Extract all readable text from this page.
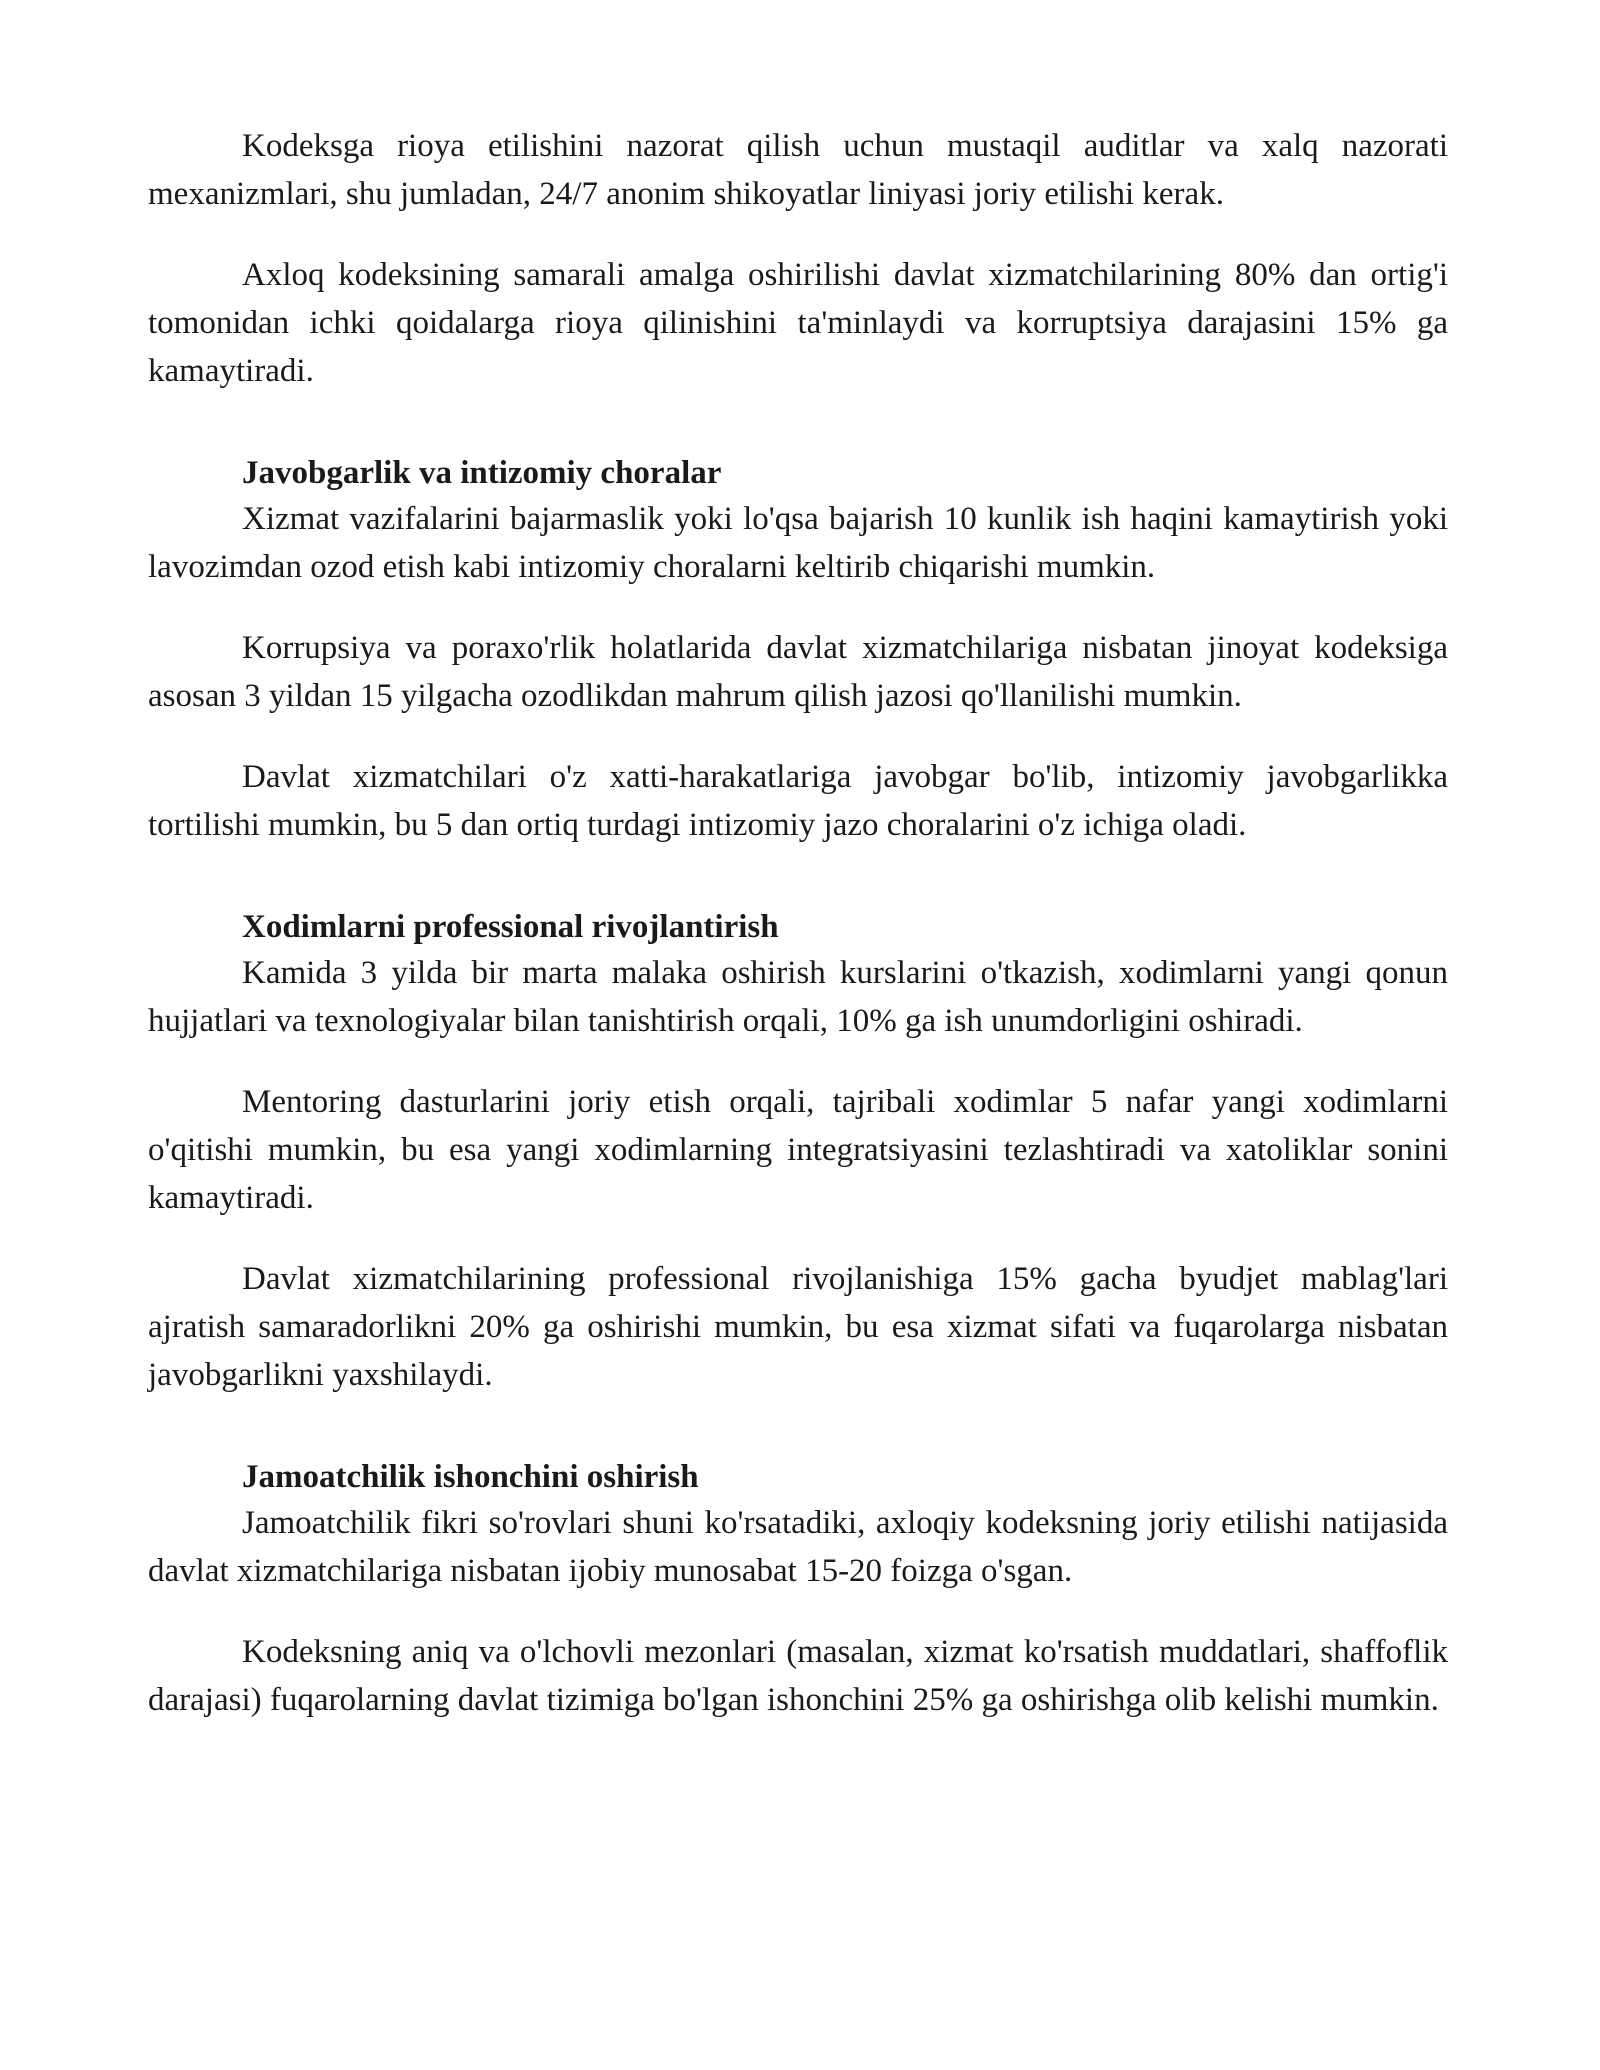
Kodeksga rioya etilishini nazorat qilish uchun mustaqil auditlar va xalq nazorati mexanizmlari, shu jumladan, 24/7 anonim shikoyatlar liniyasi joriy etilishi kerak.

Axloq kodeksining samarali amalga oshirilishi davlat xizmatchilarining 80% dan ortig'i tomonidan ichki qoidalarga rioya qilinishini ta'minlaydi va korruptsiya darajasini 15% ga kamaytiradi.

Javobgarlik va intizomiy choralar

Xizmat vazifalarini bajarmaslik yoki lo'qsa bajarish 10 kunlik ish haqini kamaytirish yoki lavozimdan ozod etish kabi intizomiy choralarni keltirib chiqarishi mumkin.

Korrupsiya va poraxo'rlik holatlarida davlat xizmatchilariga nisbatan jinoyat kodeksiga asosan 3 yildan 15 yilgacha ozodlikdan mahrum qilish jazosi qo'llanilishi mumkin.

Davlat xizmatchilari o'z xatti-harakatlariga javobgar bo'lib, intizomiy javobgarlikka tortilishi mumkin, bu 5 dan ortiq turdagi intizomiy jazo choralarini o'z ichiga oladi.

Xodimlarni professional rivojlantirish

Kamida 3 yilda bir marta malaka oshirish kurslarini o'tkazish, xodimlarni yangi qonun hujjatlari va texnologiyalar bilan tanishtirish orqali, 10% ga ish unumdorligini oshiradi.

Mentoring dasturlarini joriy etish orqali, tajribali xodimlar 5 nafar yangi xodimlarni o'qitishi mumkin, bu esa yangi xodimlarning integratsiyasini tezlashtiradi va xatoliklar sonini kamaytiradi.

Davlat xizmatchilarining professional rivojlanishiga 15% gacha byudjet mablag'lari ajratish samaradorlikni 20% ga oshirishi mumkin, bu esa xizmat sifati va fuqarolarga nisbatan javobgarlikni yaxshilaydi.

Jamoatchilik ishonchini oshirish

Jamoatchilik fikri so'rovlari shuni ko'rsatadiki, axloqiy kodeksning joriy etilishi natijasida davlat xizmatchilariga nisbatan ijobiy munosabat 15-20 foizga o'sgan.

Kodeksning aniq va o'lchovli mezonlari (masalan, xizmat ko'rsatish muddatlari, shaffoflik darajasi) fuqarolarning davlat tizimiga bo'lgan ishonchini 25% ga oshirishga olib kelishi mumkin.
